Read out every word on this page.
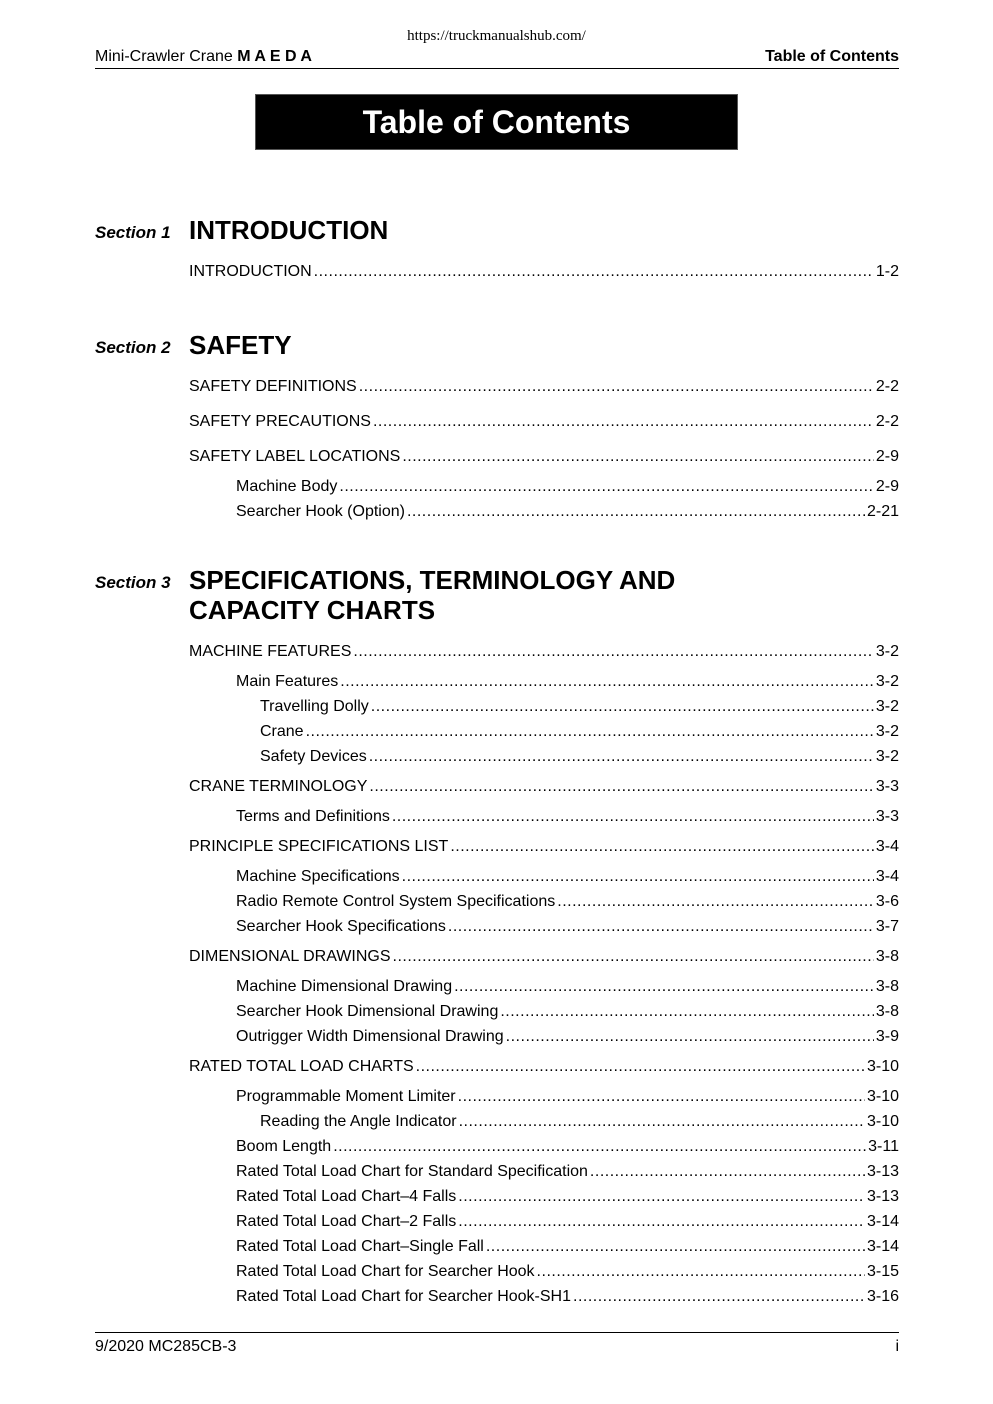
https://truckmanualshub.com/
Mini-Crawler Crane M A E D A	Table of Contents
Table of Contents
Section 1 INTRODUCTION
INTRODUCTION .....	1-2
Section 2 SAFETY
SAFETY DEFINITIONS .....	2-2
SAFETY PRECAUTIONS .....	2-2
SAFETY LABEL LOCATIONS .....	2-9
Machine Body .....	2-9
Searcher Hook (Option) .....	2-21
Section 3 SPECIFICATIONS, TERMINOLOGY AND
CAPACITY CHARTS
MACHINE FEATURES .....	3-2
Main Features .....	3-2
Travelling Dolly .....	3-2
Crane .....	3-2
Safety Devices .....	3-2
CRANE TERMINOLOGY .....	3-3
Terms and Definitions .....	3-3
PRINCIPLE SPECIFICATIONS LIST .....	3-4
Machine Specifications .....	3-4
Radio Remote Control System Specifications .....	3-6
Searcher Hook Specifications .....	3-7
DIMENSIONAL DRAWINGS .....	3-8
Machine Dimensional Drawing .....	3-8
Searcher Hook Dimensional Drawing .....	3-8
Outrigger Width Dimensional Drawing .....	3-9
RATED TOTAL LOAD CHARTS .....	3-10
Programmable Moment Limiter .....	3-10
Reading the Angle Indicator .....	3-10
Boom Length .....	3-11
Rated Total Load Chart for Standard Specification .....	3-13
Rated Total Load Chart–4 Falls .....	3-13
Rated Total Load Chart–2 Falls .....	3-14
Rated Total Load Chart–Single Fall .....	3-14
Rated Total Load Chart for Searcher Hook .....	3-15
Rated Total Load Chart for Searcher Hook-SH1 .....	3-16
9/2020 MC285CB-3	i
